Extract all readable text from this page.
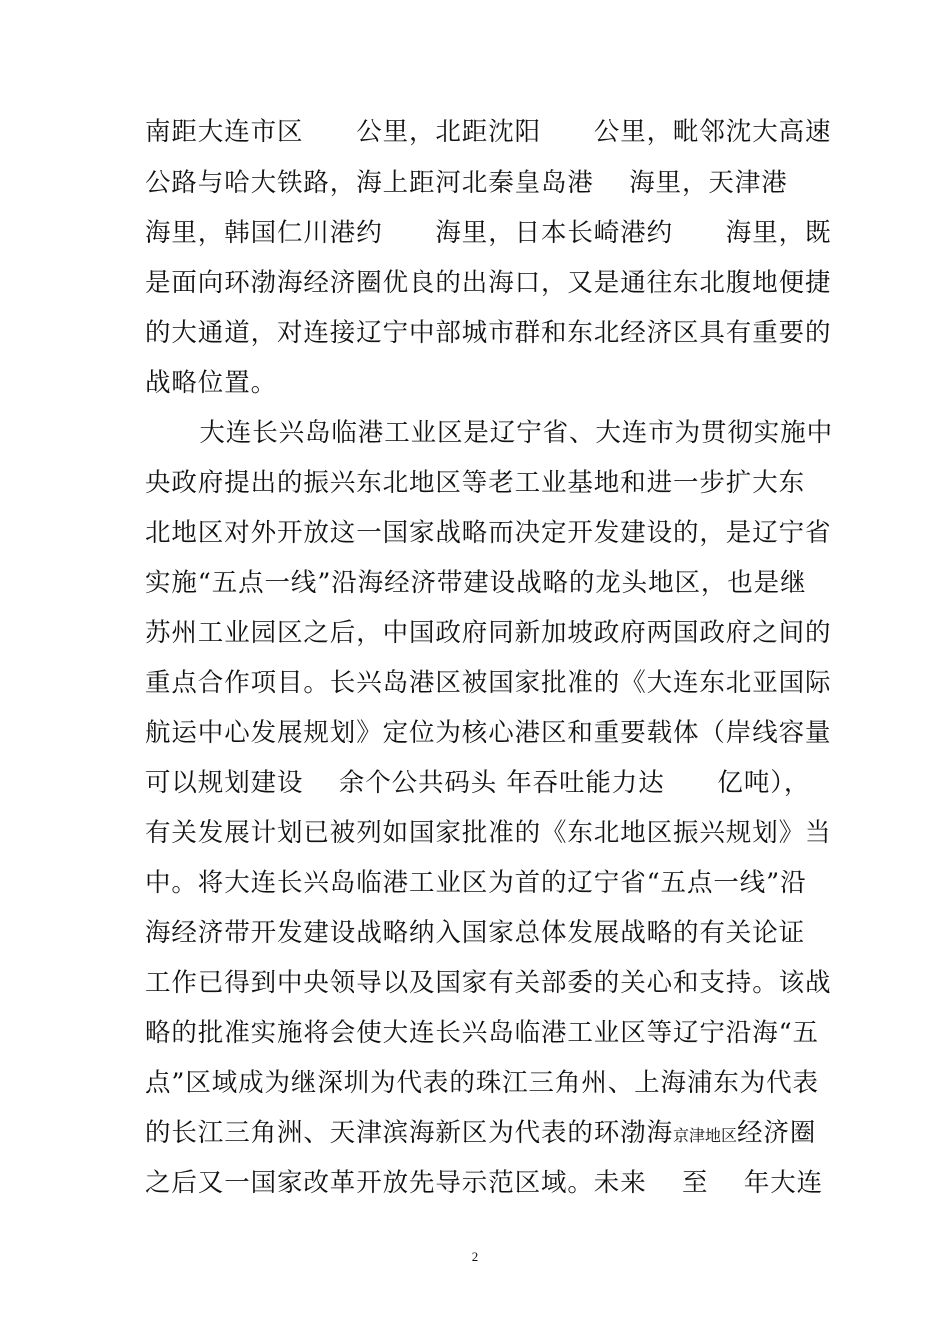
南距大连市区　　公里，北距沈阳　　公里，毗邻沈大高速
公路与哈大铁路，海上距河北秦皇岛港　 海里，天津港
海里，韩国仁川港约　　海里，日本长崎港约　　海里，既
是面向环渤海经济圈优良的出海口，又是通往东北腹地便捷
的大通道，对连接辽宁中部城市群和东北经济区具有重要的
战略位置。
　大连长兴岛临港工业区是辽宁省、大连市为贯彻实施中
央政府提出的振兴东北地区等老工业基地和进一步扩大东
北地区对外开放这一国家战略而决定开发建设的，是辽宁省
实施“五点一线”沿海经济带建设战略的龙头地区，也是继
苏州工业园区之后，中国政府同新加坡政府两国政府之间的
重点合作项目。长兴岛港区被国家批准的《大连东北亚国际
航运中心发展规划》定位为核心港区和重要载体（岸线容量
可以规划建设　 余个公共码头 年吞吐能力达　　亿吨），
有关发展计划已被列如国家批准的《东北地区振兴规划》当
中。将大连长兴岛临港工业区为首的辽宁省“五点一线”沿
海经济带开发建设战略纳入国家总体发展战略的有关论证
工作已得到中央领导以及国家有关部委的关心和支持。该战
略的批准实施将会使大连长兴岛临港工业区等辽宁沿海“五
点”区域成为继深圳为代表的珠江三角州、上海浦东为代表
的长江三角洲、天津滨海新区为代表的环渤海京津地区经济圈
之后又一国家改革开放先导示范区域。未来　 至　 年大连
2
